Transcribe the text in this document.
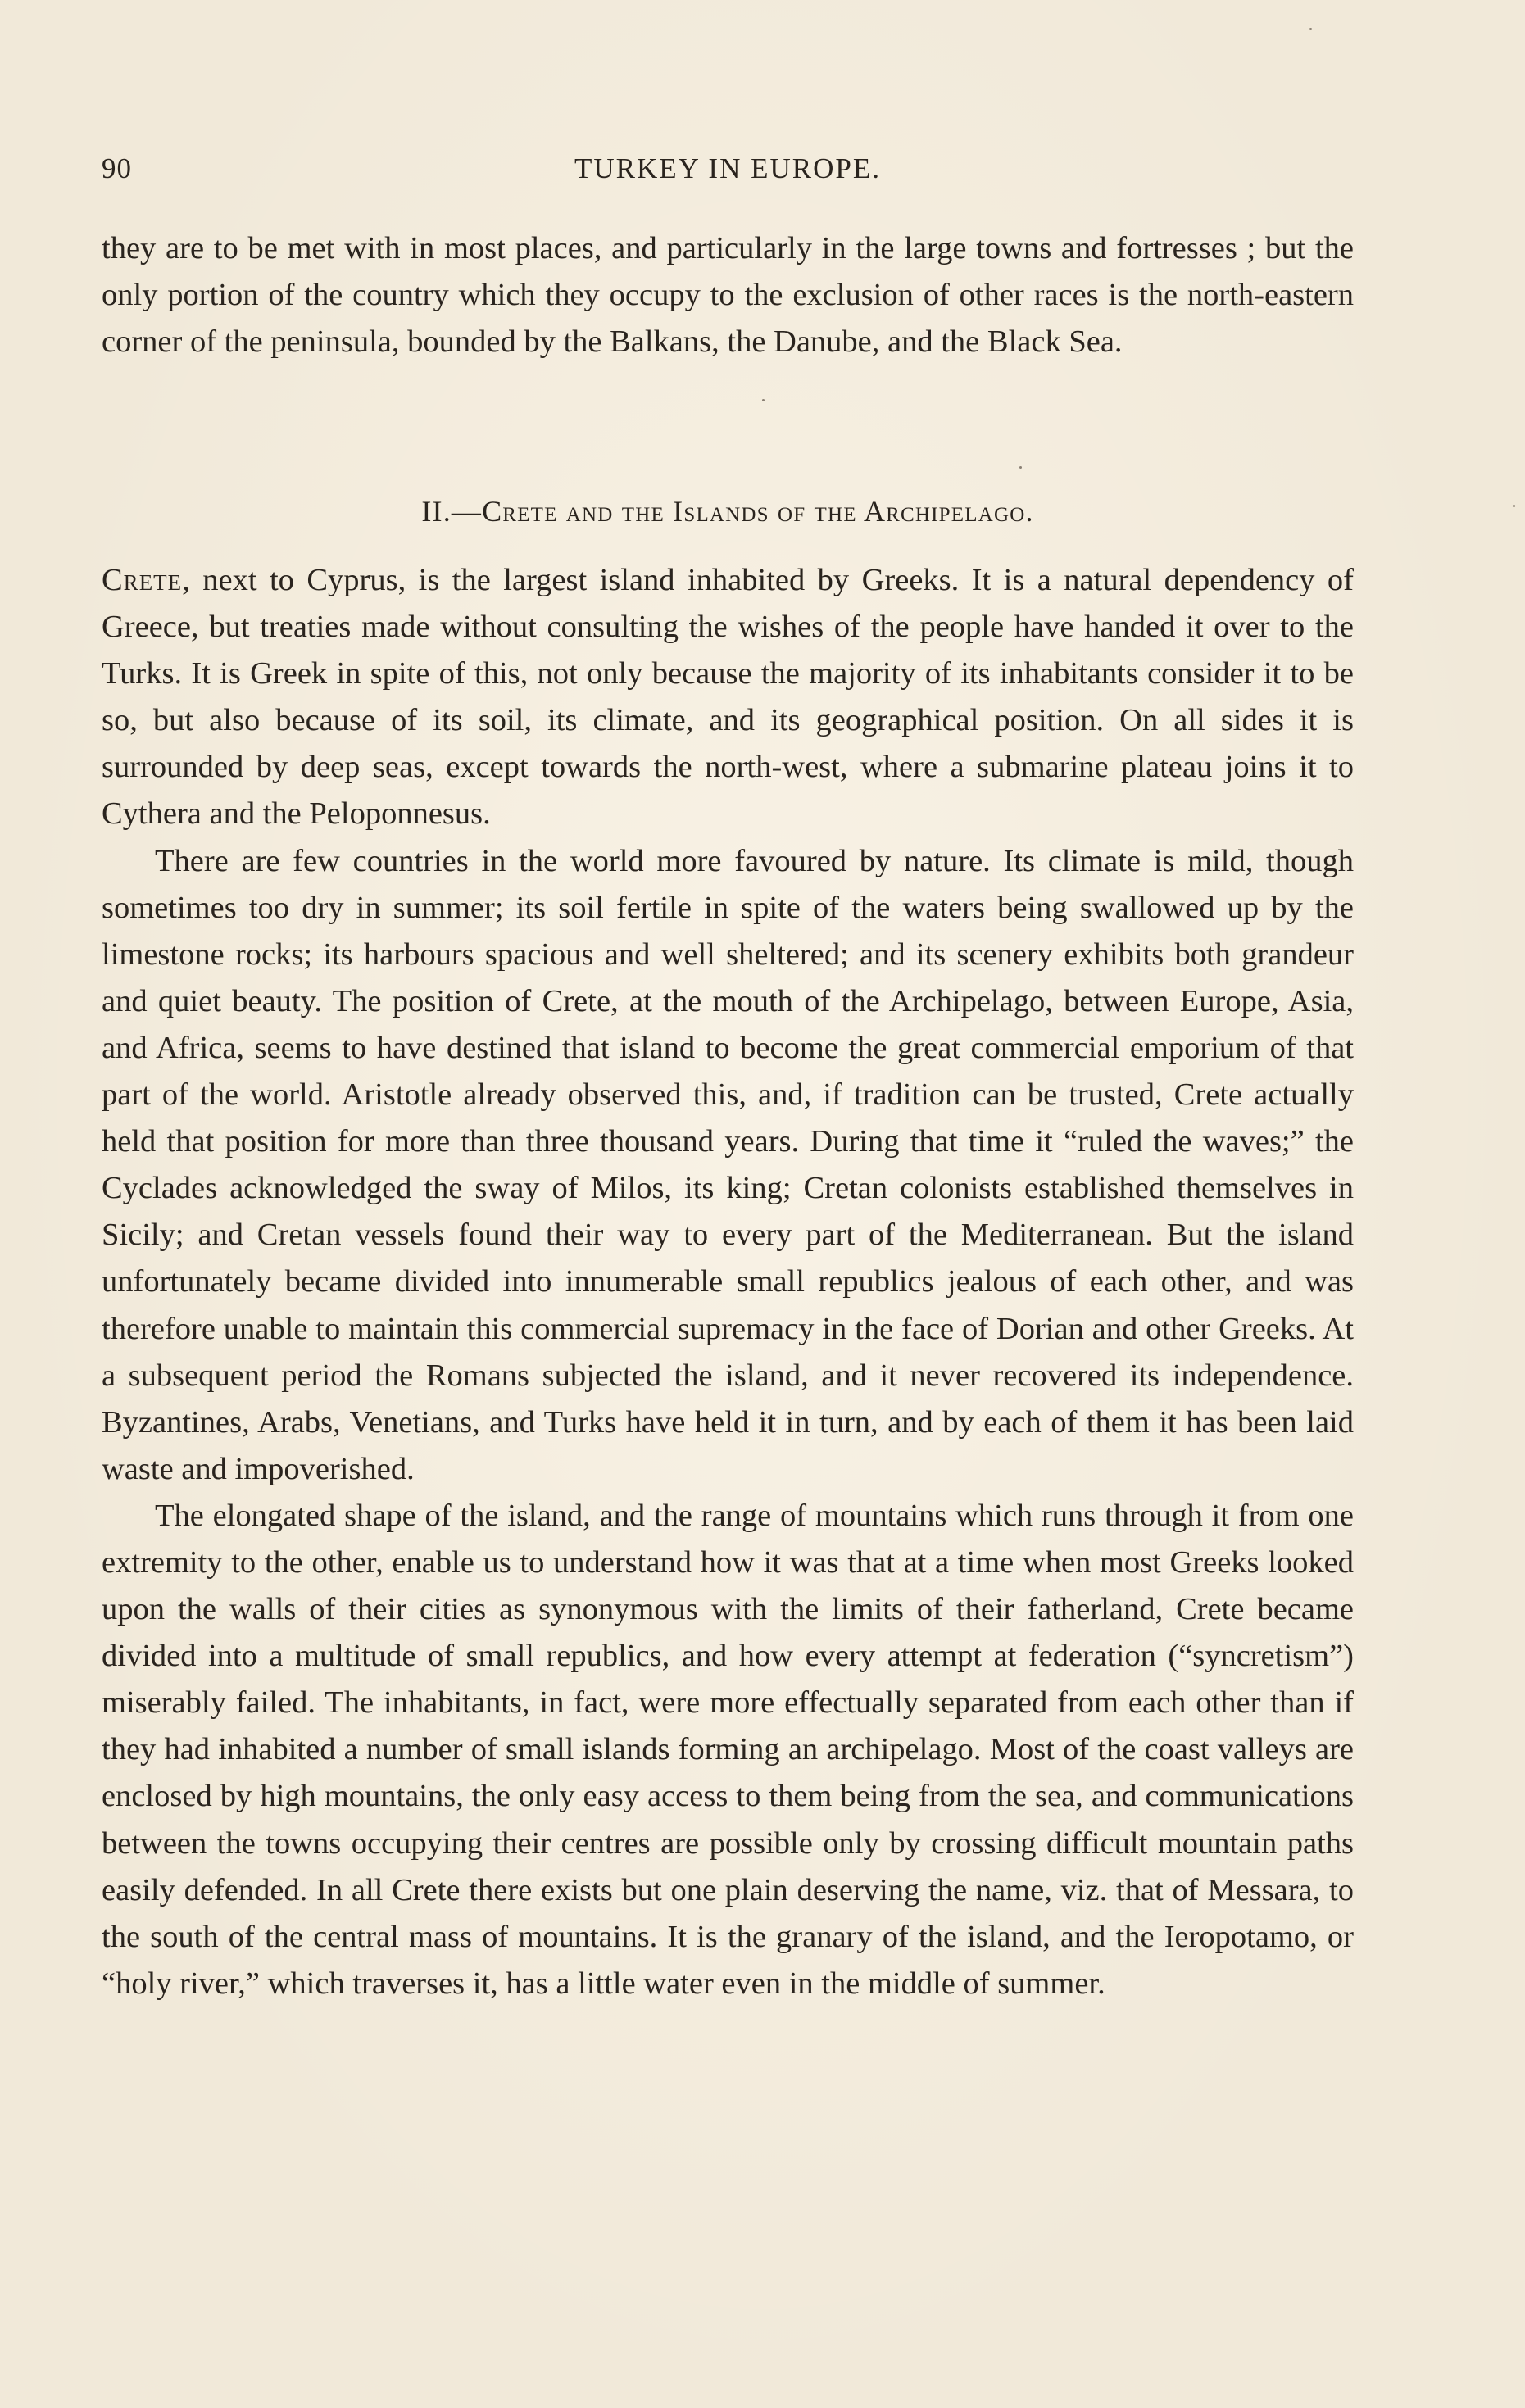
90	TURKEY IN EUROPE.

they are to be met with in most places, and particularly in the large towns and fortresses ; but the only portion of the country which they occupy to the exclusion of other races is the north-eastern corner of the peninsula, bounded by the Balkans, the Danube, and the Black Sea.

II.—Crete and the Islands of the Archipelago.

Crete, next to Cyprus, is the largest island inhabited by Greeks. It is a natural dependency of Greece, but treaties made without consulting the wishes of the people have handed it over to the Turks. It is Greek in spite of this, not only because the majority of its inhabitants consider it to be so, but also because of its soil, its climate, and its geographical position. On all sides it is surrounded by deep seas, except towards the north-west, where a submarine plateau joins it to Cythera and the Peloponnesus.

There are few countries in the world more favoured by nature. Its climate is mild, though sometimes too dry in summer; its soil fertile in spite of the waters being swallowed up by the limestone rocks; its harbours spacious and well sheltered; and its scenery exhibits both grandeur and quiet beauty. The position of Crete, at the mouth of the Archipelago, between Europe, Asia, and Africa, seems to have destined that island to become the great commercial emporium of that part of the world. Aristotle already observed this, and, if tradition can be trusted, Crete actually held that position for more than three thousand years. During that time it “ruled the waves;” the Cyclades acknowledged the sway of Milos, its king; Cretan colonists established themselves in Sicily; and Cretan vessels found their way to every part of the Mediterranean. But the island unfortunately became divided into innumerable small republics jealous of each other, and was therefore unable to maintain this commercial supremacy in the face of Dorian and other Greeks. At a subsequent period the Romans subjected the island, and it never recovered its independence. Byzantines, Arabs, Venetians, and Turks have held it in turn, and by each of them it has been laid waste and impoverished.

The elongated shape of the island, and the range of mountains which runs through it from one extremity to the other, enable us to understand how it was that at a time when most Greeks looked upon the walls of their cities as synonymous with the limits of their fatherland, Crete became divided into a multitude of small republics, and how every attempt at federation (“syncretism”) miserably failed. The inhabitants, in fact, were more effectually separated from each other than if they had inhabited a number of small islands forming an archipelago. Most of the coast valleys are enclosed by high mountains, the only easy access to them being from the sea, and communications between the towns occupying their centres are possible only by crossing difficult mountain paths easily defended. In all Crete there exists but one plain deserving the name, viz. that of Messara, to the south of the central mass of mountains. It is the granary of the island, and the Ieropotamo, or “holy river,” which traverses it, has a little water even in the middle of summer.
